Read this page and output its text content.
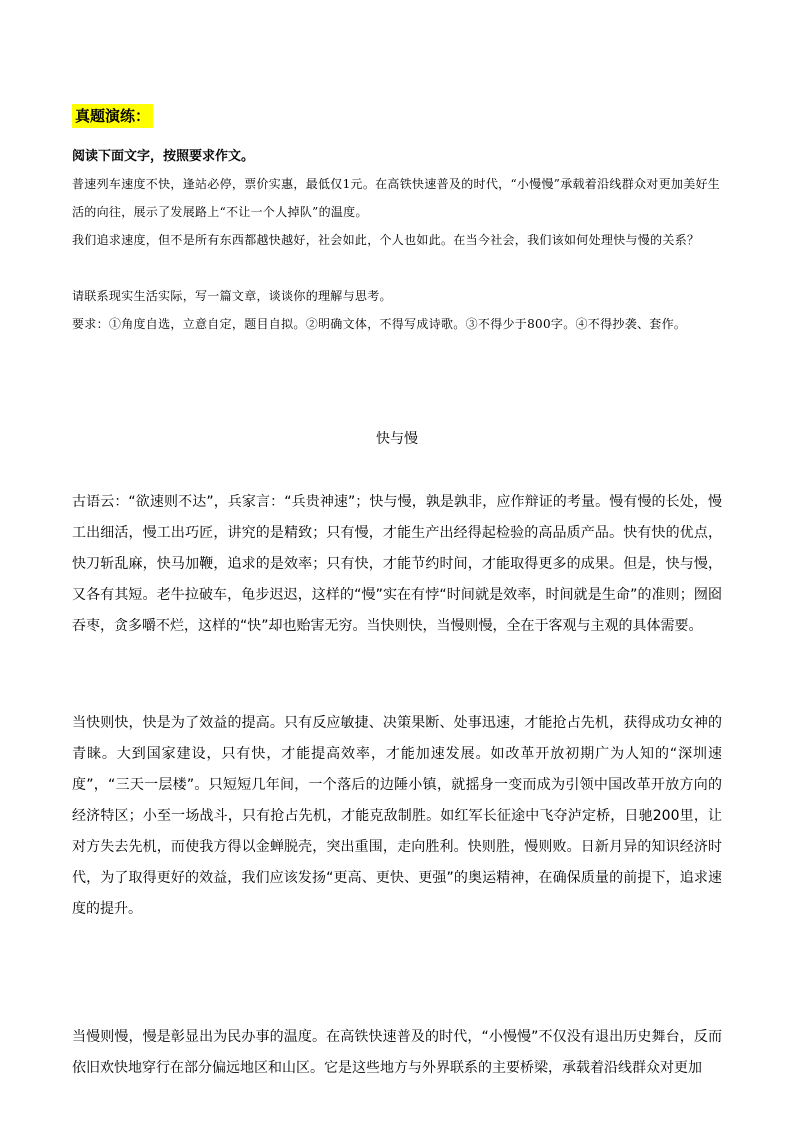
真题演练：
阅读下面文字，按照要求作文。
普速列车速度不快，逢站必停，票价实惠，最低仅1元。在高铁快速普及的时代，“小慢慢”承载着沿线群众对更加美好生活的向往，展示了发展路上“不让一个人掉队”的温度。
我们追求速度，但不是所有东西都越快越好，社会如此，个人也如此。在当今社会，我们该如何处理快与慢的关系？
请联系现实生活实际，写一篇文章，谈谈你的理解与思考。
要求：①角度自选，立意自定，题目自拟。②明确文体，不得写成诗歌。③不得少于800字。④不得抄袭、套作。
快与慢
古语云：“欲速则不达”，兵家言：“兵贵神速”；快与慢，孰是孰非，应作辩证的考量。慢有慢的长处，慢工出细活，慢工出巧匠，讲究的是精致；只有慢，才能生产出经得起检验的高品质产品。快有快的优点，快刀斩乱麻，快马加鞭，追求的是效率；只有快，才能节约时间，才能取得更多的成果。但是，快与慢，又各有其短。老牛拉破车，龟步迟迟，这样的“慢”实在有悖“时间就是效率，时间就是生命”的准则；囫囵吞枣，贪多嚼不烂，这样的“快”却也贻害无穷。当快则快，当慢则慢，全在于客观与主观的具体需要。
当快则快，快是为了效益的提高。只有反应敏捷、决策果断、处事迅速，才能抢占先机，获得成功女神的青睐。大到国家建设，只有快，才能提高效率，才能加速发展。如改革开放初期广为人知的“深圳速度”，“三天一层楼”。只短短几年间，一个落后的边陲小镇，就摇身一变而成为引领中国改革开放方向的经济特区；小至一场战斗，只有抢占先机，才能克敌制胜。如红军长征途中飞夺泸定桥，日驰200里，让对方失去先机，而使我方得以金蝉脱壳，突出重围，走向胜利。快则胜，慢则败。日新月异的知识经济时代，为了取得更好的效益，我们应该发扬“更高、更快、更强”的奥运精神，在确保质量的前提下，追求速度的提升。
当慢则慢，慢是彰显出为民办事的温度。在高铁快速普及的时代，“小慢慢”不仅没有退出历史舞台，反而依旧欢快地穿行在部分偏远地区和山区。它是这些地方与外界联系的主要桥梁，承载着沿线群众对更加
